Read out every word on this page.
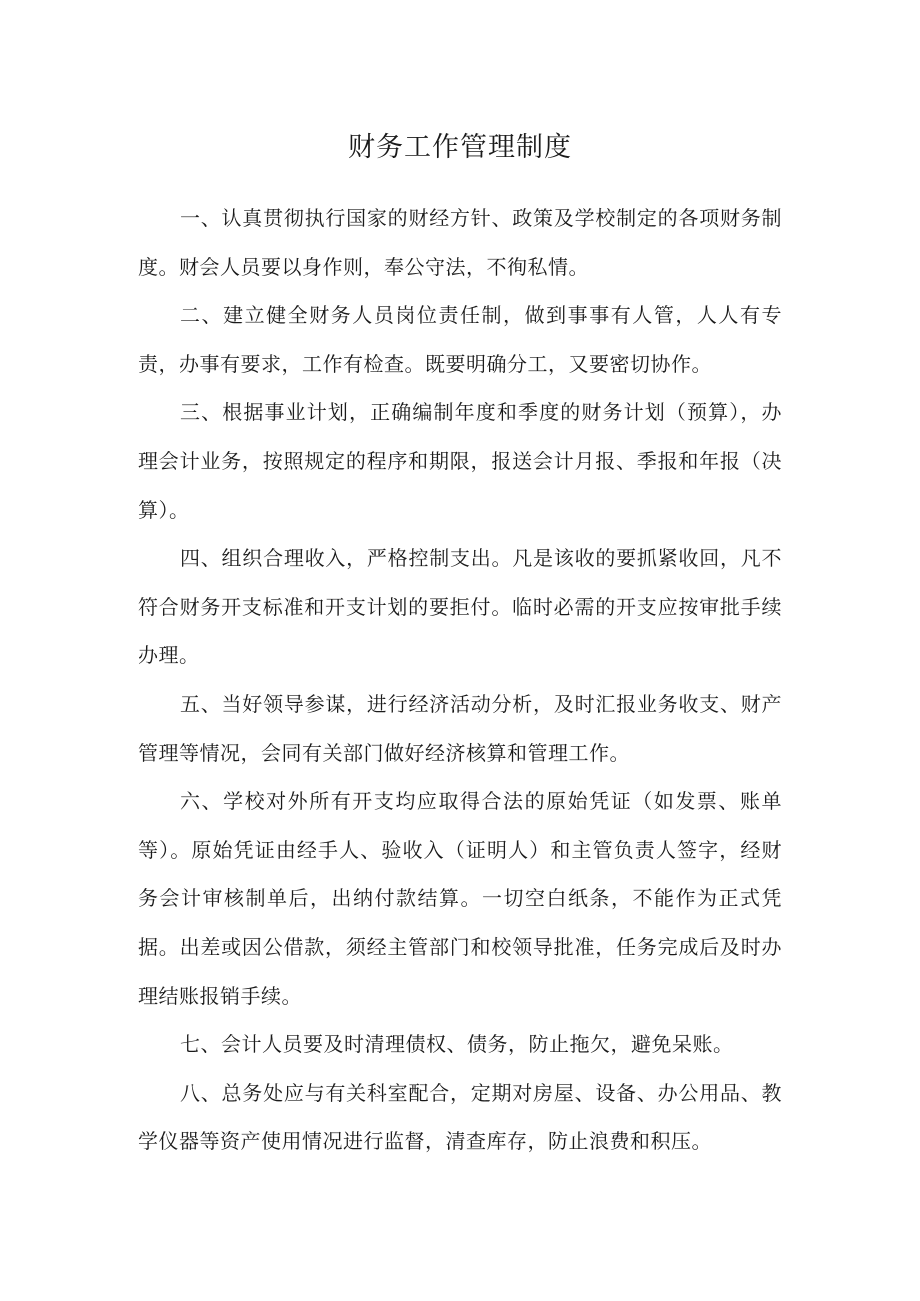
财务工作管理制度

一、认真贯彻执行国家的财经方针、政策及学校制定的各项财务制度。财会人员要以身作则，奉公守法，不徇私情。

二、建立健全财务人员岗位责任制，做到事事有人管，人人有专责，办事有要求，工作有检查。既要明确分工，又要密切协作。

三、根据事业计划，正确编制年度和季度的财务计划（预算），办理会计业务，按照规定的程序和期限，报送会计月报、季报和年报（决算）。

四、组织合理收入，严格控制支出。凡是该收的要抓紧收回，凡不符合财务开支标准和开支计划的要拒付。临时必需的开支应按审批手续办理。

五、当好领导参谋，进行经济活动分析，及时汇报业务收支、财产管理等情况，会同有关部门做好经济核算和管理工作。

六、学校对外所有开支均应取得合法的原始凭证（如发票、账单等）。原始凭证由经手人、验收入（证明人）和主管负责人签字，经财务会计审核制单后，出纳付款结算。一切空白纸条，不能作为正式凭据。出差或因公借款，须经主管部门和校领导批准，任务完成后及时办理结账报销手续。

七、会计人员要及时清理债权、债务，防止拖欠，避免呆账。

八、总务处应与有关科室配合，定期对房屋、设备、办公用品、教学仪器等资产使用情况进行监督，清查库存，防止浪费和积压。
